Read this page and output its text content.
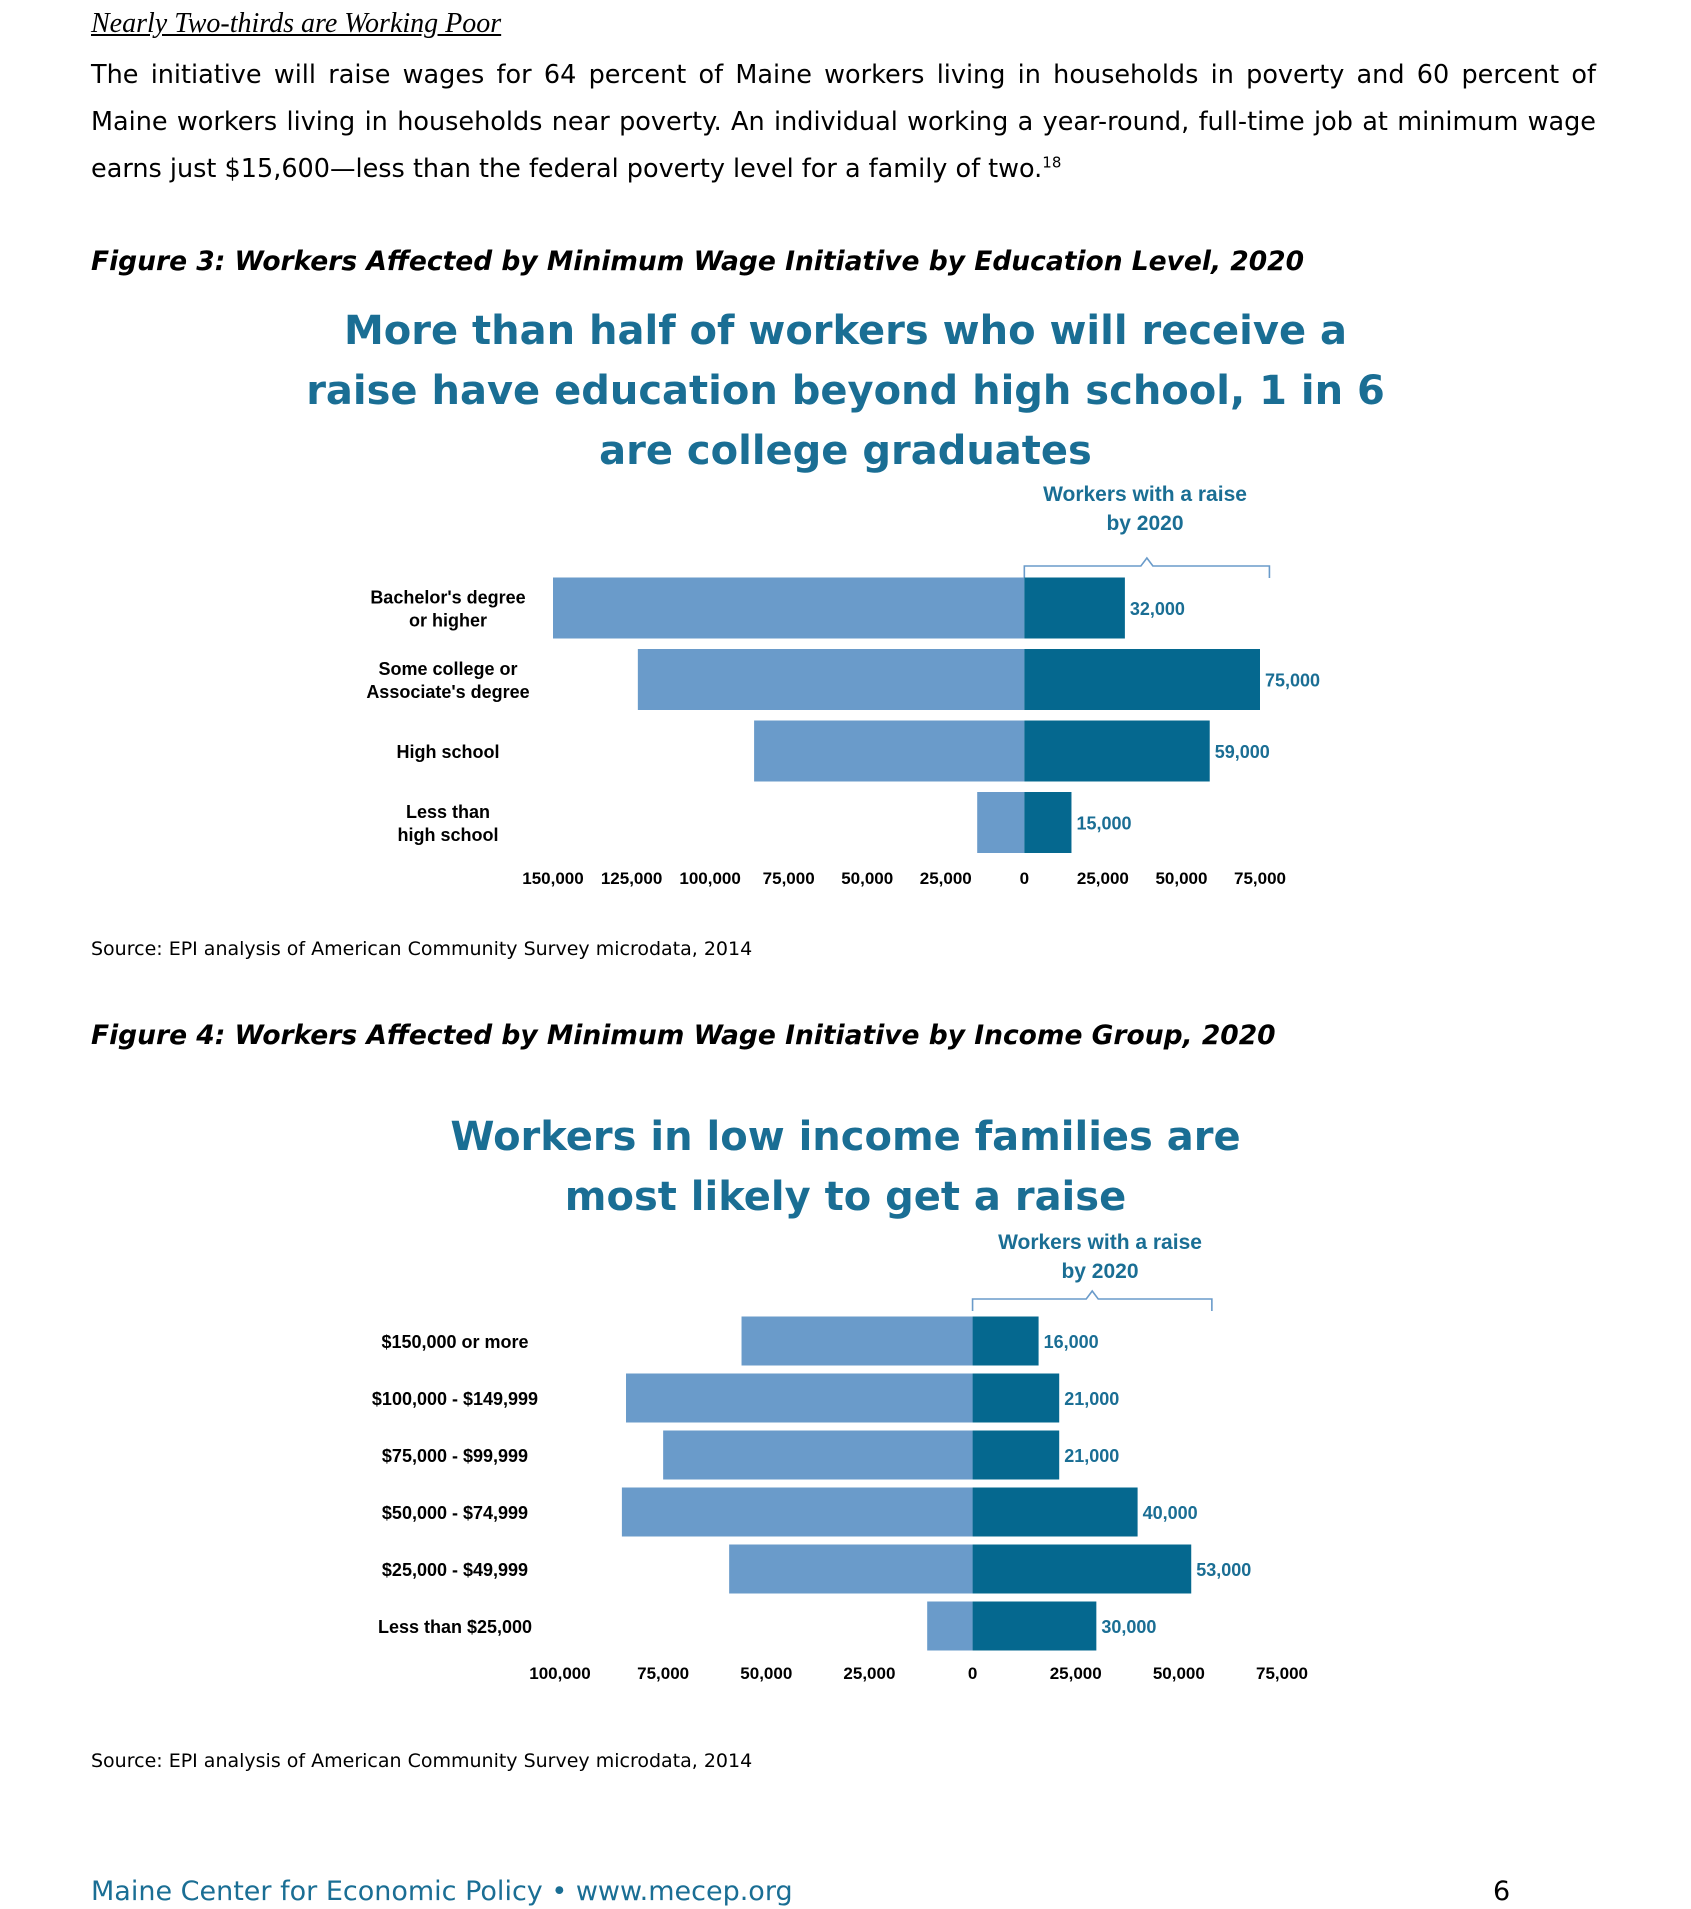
Nearly Two-thirds are Working Poor
The initiative will raise wages for 64 percent of Maine workers living in households in poverty and 60 percent of Maine workers living in households near poverty. An individual working a year-round, full-time job at minimum wage earns just $15,600—less than the federal poverty level for a family of two.$^{18}$
Figure 3: Workers Affected by Minimum Wage Initiative by Education Level, 2020
More than half of workers who will receive a
raise have education beyond high school, 1 in 6
are college graduates
Workers with a raise
by 2020
32,000
Bachelor's degree
or higher
75,000
Some college or
Associate's degree
59,000
High school
15,000
Less than
high school
150,000 125,000 100,000 75,000 50,000 25,000	0	25,000 50,000 75,000
Source: EPI analysis of American Community Survey microdata, 2014
Figure 4: Workers Affected by Minimum Wage Initiative by Income Group, 2020
Workers in low income families are
most likely to get a raise
Workers with a raise
by 2020
16,000
$150,000 or more
21,000
$100,000 - $149,999
21,000
$75,000 - $99,999
40,000
$50,000 - $74,999
53,000
$25,000 - $49,999
30,000
Less than $25,000
100,000	75,000	50,000	25,000	0	25,000	50,000	75,000
Source: EPI analysis of American Community Survey microdata, 2014
Maine Center for Economic Policy • www.mecep.org	6
